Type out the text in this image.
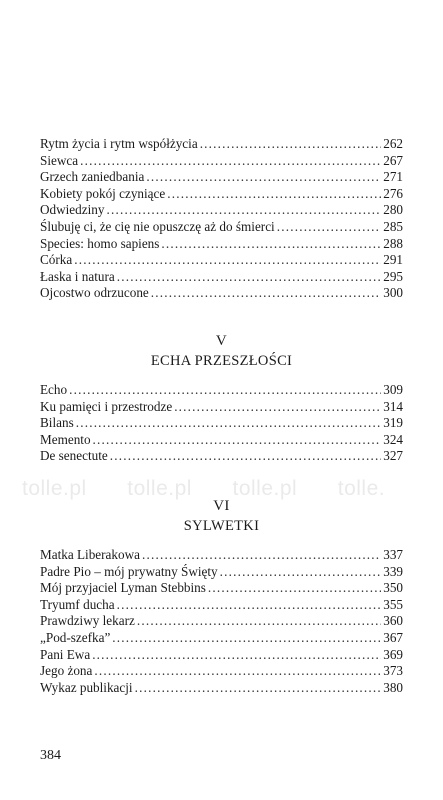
Rytm życia i rytm współżycia .....	262
Siewca .....	267
Grzech zaniedbania .....	271
Kobiety pokój czyniące .....	276
Odwiedziny .....	280
Ślubuję ci, że cię nie opuszczę aż do śmierci .....	285
Species: homo sapiens .....	288
Córka .....	291
Łaska i natura .....	295
Ojcostwo odrzucone .....	300
V
ECHA PRZESZŁOŚCI
Echo .....	309
Ku pamięci i przestrodze .....	314
Bilans .....	319
Memento .....	324
De senectute .....	327
tolle.pl	tolle.pl	tolle.pl	tolle.
VI
SYLWETKI
Matka Liberakowa .....	337
Padre Pio – mój prywatny Święty .....	339
Mój przyjaciel Lyman Stebbins .....	350
Tryumf ducha .....	355
Prawdziwy lekarz .....	360
„Pod-szefka” .....	367
Pani Ewa .....	369
Jego żona .....	373
Wykaz publikacji .....	380
384
